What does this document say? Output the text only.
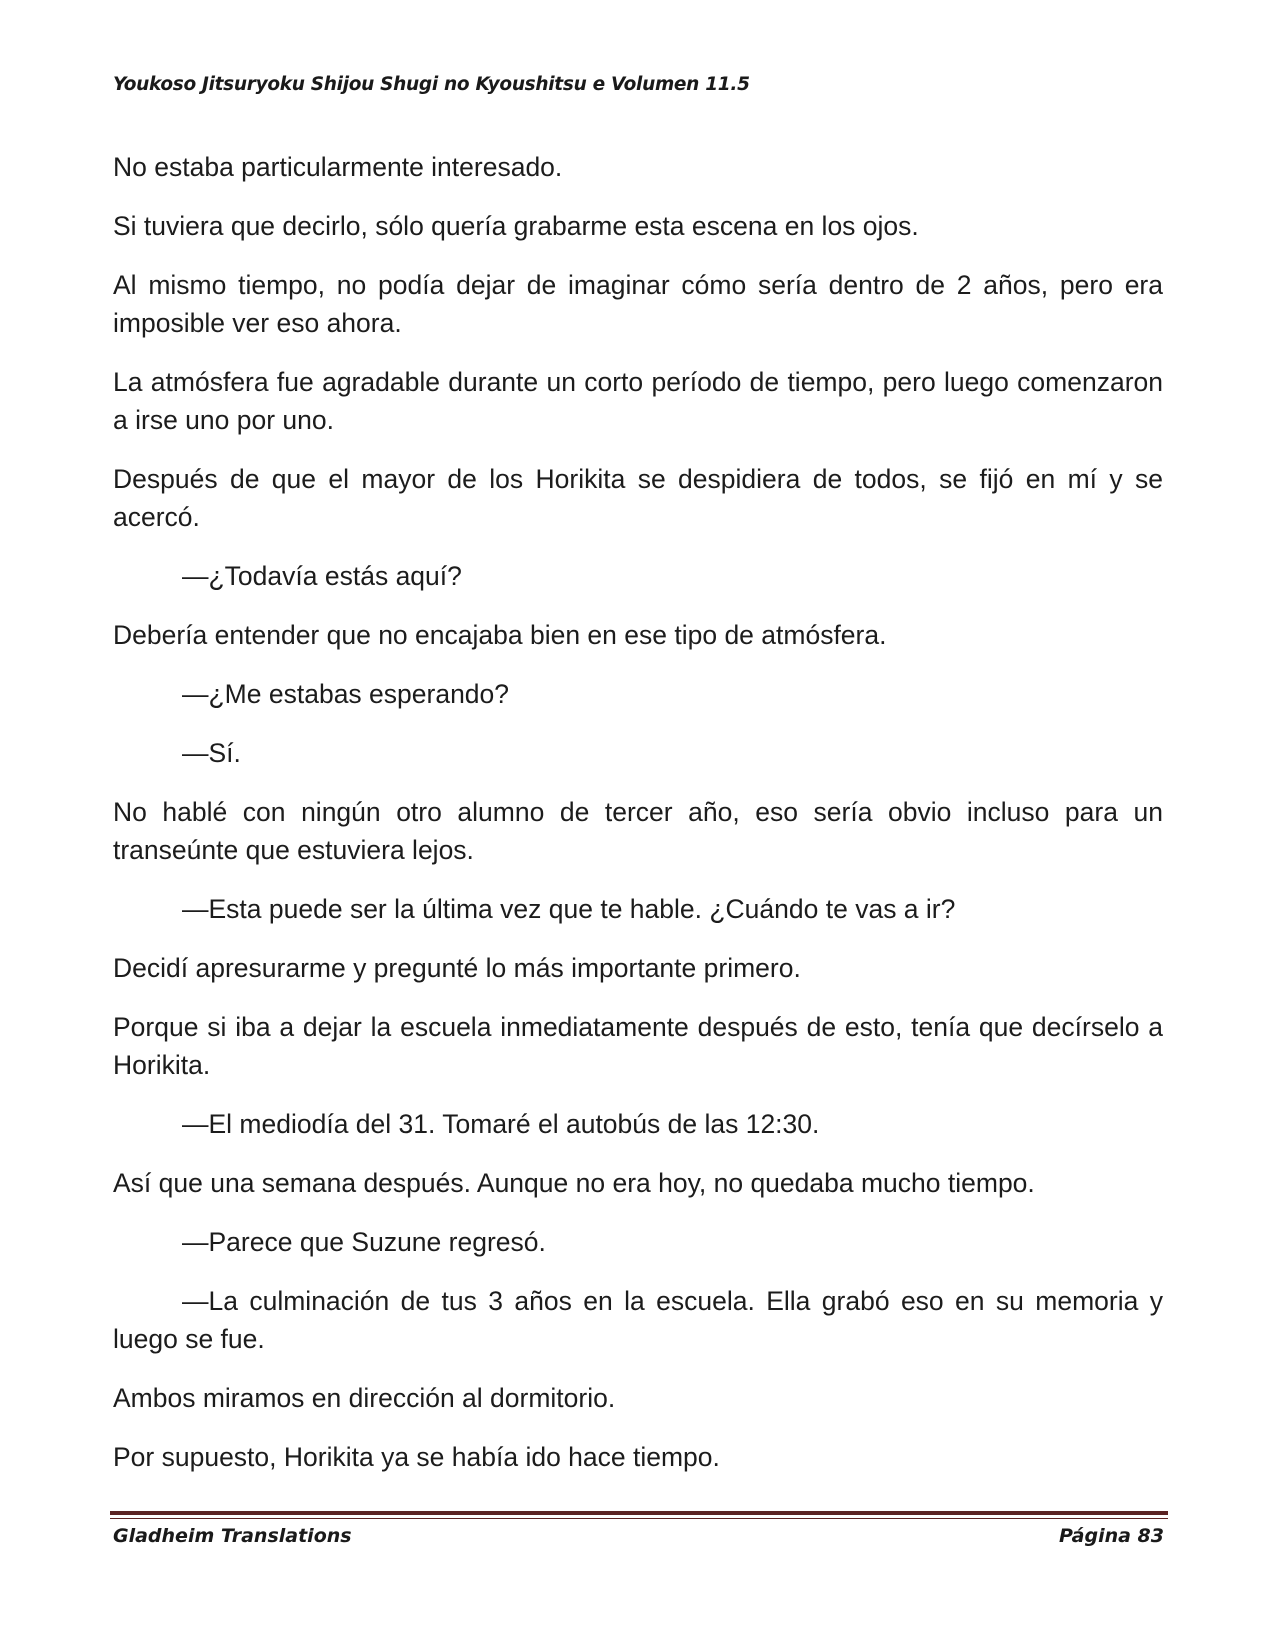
Youkoso Jitsuryoku Shijou Shugi no Kyoushitsu e Volumen 11.5

No estaba particularmente interesado.

Si tuviera que decirlo, sólo quería grabarme esta escena en los ojos.

Al mismo tiempo, no podía dejar de imaginar cómo sería dentro de 2 años, pero era imposible ver eso ahora.

La atmósfera fue agradable durante un corto período de tiempo, pero luego comenzaron a irse uno por uno.

Después de que el mayor de los Horikita se despidiera de todos, se fijó en mí y se acercó.

—¿Todavía estás aquí?

Debería entender que no encajaba bien en ese tipo de atmósfera.

—¿Me estabas esperando?

—Sí.

No hablé con ningún otro alumno de tercer año, eso sería obvio incluso para un transeúnte que estuviera lejos.

—Esta puede ser la última vez que te hable. ¿Cuándo te vas a ir?

Decidí apresurarme y pregunté lo más importante primero.

Porque si iba a dejar la escuela inmediatamente después de esto, tenía que decírselo a Horikita.

—El mediodía del 31. Tomaré el autobús de las 12:30.

Así que una semana después. Aunque no era hoy, no quedaba mucho tiempo.

—Parece que Suzune regresó.

—La culminación de tus 3 años en la escuela. Ella grabó eso en su memoria y luego se fue.

Ambos miramos en dirección al dormitorio.

Por supuesto, Horikita ya se había ido hace tiempo.

Gladheim Translations	Página 83
